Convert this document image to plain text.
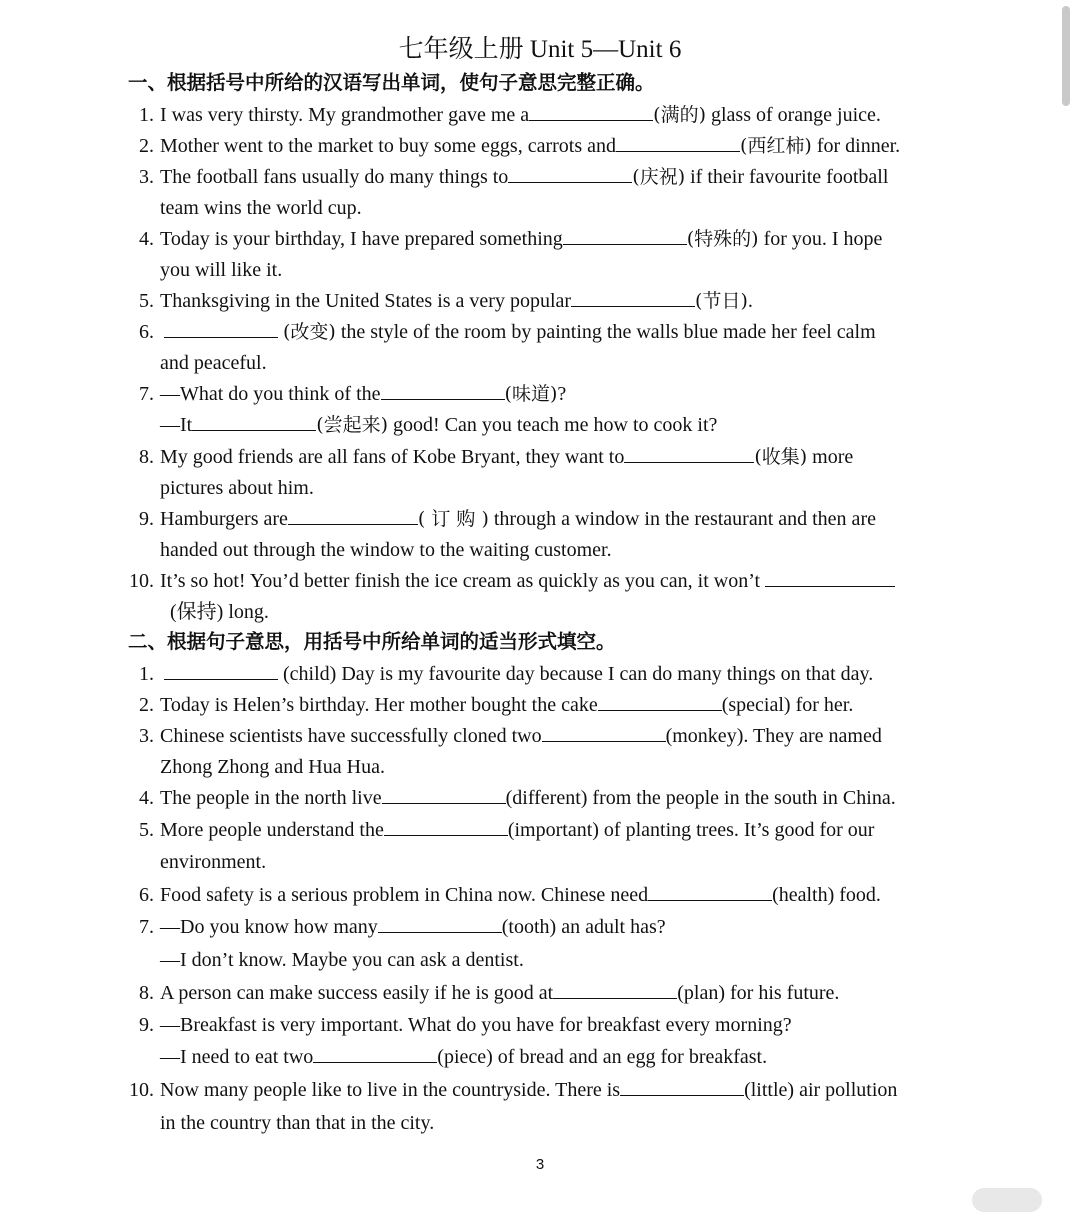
七年级上册 Unit 5—Unit 6
一、根据括号中所给的汉语写出单词，使句子意思完整正确。
1. I was very thirsty. My grandmother gave me a	(满的) glass of orange juice.
2. Mother went to the market to buy some eggs, carrots and	(西红柿) for dinner.
3. The football fans usually do many things to	(庆祝) if their favourite football
team wins the world cup.
4. Today is your birthday, I have prepared something	(特殊的) for you. I hope
you will like it.
5. Thanksgiving in the United States is a very popular	(节日).
6.	(改变) the style of the room by painting the walls blue made her feel calm
and peaceful.
7. —What do you think of the	(味道)?
—It	(尝起来) good! Can you teach me how to cook it?
8. My good friends are all fans of Kobe Bryant, they want to	(收集) more
pictures about him.
9. Hamburgers are	( 订 购 ) through a window in the restaurant and then are
handed out through the window to the waiting customer.
10. It’s so hot! You’d better finish the ice cream as quickly as you can, it won’t
(保持) long.
二、根据句子意思，用括号中所给单词的适当形式填空。
1.	(child) Day is my favourite day because I can do many things on that day.
2. Today is Helen’s birthday. Her mother bought the cake	(special) for her.
3. Chinese scientists have successfully cloned two	(monkey). They are named
Zhong Zhong and Hua Hua.
4. The people in the north live	(different) from the people in the south in China.
5. More people understand the	(important) of planting trees. It’s good for our
environment.
6. Food safety is a serious problem in China now. Chinese need	(health) food.
7. —Do you know how many	(tooth) an adult has?
—I don’t know. Maybe you can ask a dentist.
8. A person can make success easily if he is good at	(plan) for his future.
9. —Breakfast is very important. What do you have for breakfast every morning?
—I need to eat two	(piece) of bread and an egg for breakfast.
10. Now many people like to live in the countryside. There is	(little) air pollution
in the country than that in the city.
3
